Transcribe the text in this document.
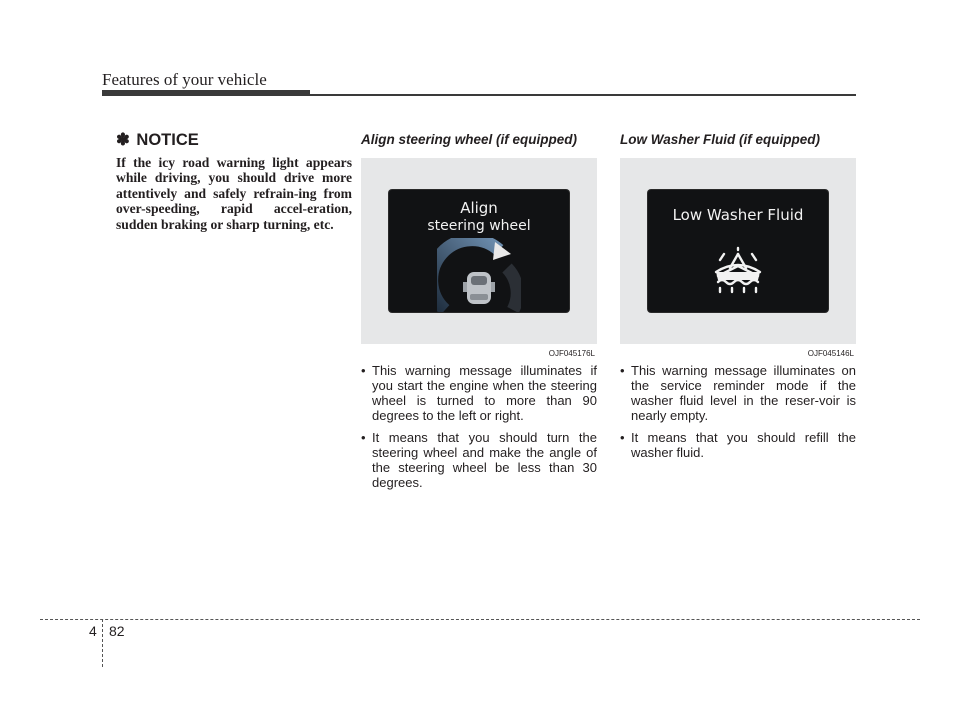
Features of your vehicle
✽ NOTICE

If the icy road warning light appears while driving, you should drive more attentively and safely refrain-ing from over-speeding, rapid accel-eration, sudden braking or sharp turning, etc.

Align steering wheel (if equipped)
Align
steering wheel
OJF045176L
• This warning message illuminates if you start the engine when the steering wheel is turned to more than 90 degrees to the left or right.
• It means that you should turn the steering wheel and make the angle of the steering wheel be less than 30 degrees.
Low Washer Fluid (if equipped)
Low Washer Fluid
OJF045146L
• This warning message illuminates on the service reminder mode if the washer fluid level in the reser-voir is nearly empty.
• It means that you should refill the washer fluid.
4 82
